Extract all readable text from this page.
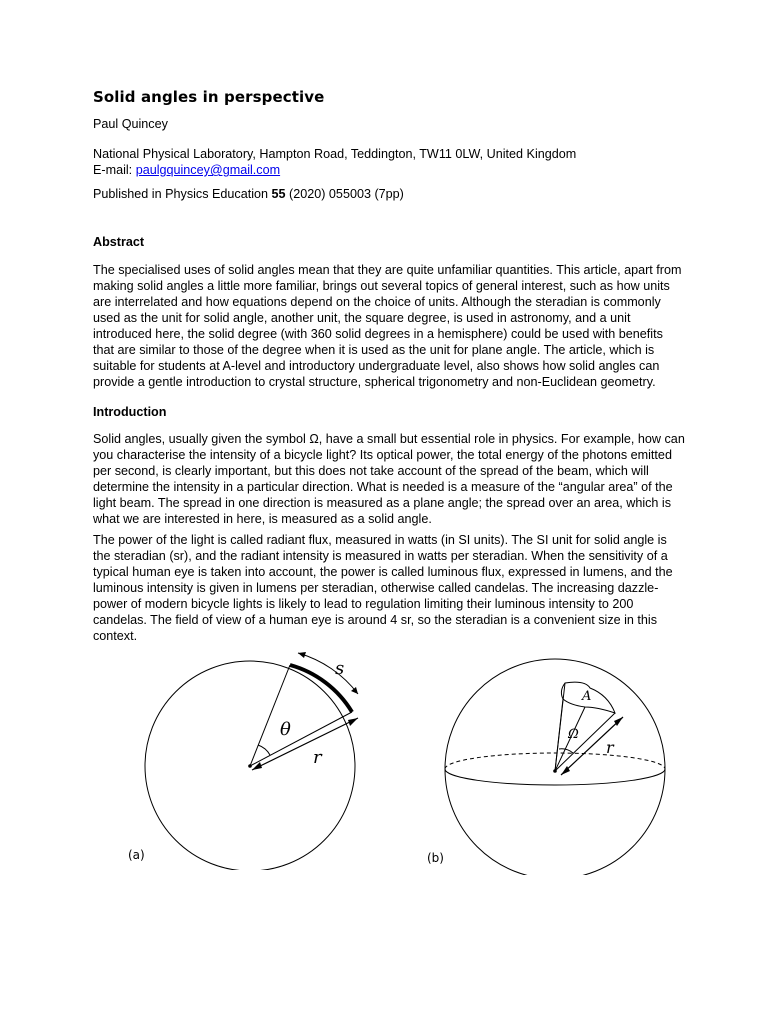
Solid angles in perspective
Paul Quincey
National Physical Laboratory, Hampton Road, Teddington, TW11 0LW, United Kingdom
E-mail: paulgquincey@gmail.com
Published in Physics Education 55 (2020) 055003 (7pp)
Abstract
The specialised uses of solid angles mean that they are quite unfamiliar quantities. This article, apart from making solid angles a little more familiar, brings out several topics of general interest, such as how units are interrelated and how equations depend on the choice of units. Although the steradian is commonly used as the unit for solid angle, another unit, the square degree, is used in astronomy, and a unit introduced here, the solid degree (with 360 solid degrees in a hemisphere) could be used with benefits that are similar to those of the degree when it is used as the unit for plane angle. The article, which is suitable for students at A-level and introductory undergraduate level, also shows how solid angles can provide a gentle introduction to crystal structure, spherical trigonometry and non-Euclidean geometry.
Introduction
Solid angles, usually given the symbol Ω, have a small but essential role in physics. For example, how can you characterise the intensity of a bicycle light? Its optical power, the total energy of the photons emitted per second, is clearly important, but this does not take account of the spread of the beam, which will determine the intensity in a particular direction. What is needed is a measure of the “angular area” of the light beam. The spread in one direction is measured as a plane angle; the spread over an area, which is what we are interested in here, is measured as a solid angle.
The power of the light is called radiant flux, measured in watts (in SI units). The SI unit for solid angle is the steradian (sr), and the radiant intensity is measured in watts per steradian. When the sensitivity of a typical human eye is taken into account, the power is called luminous flux, expressed in lumens, and the luminous intensity is given in lumens per steradian, otherwise called candelas. The increasing dazzle-power of modern bicycle lights is likely to lead to regulation limiting their luminous intensity to 200 candelas. The field of view of a human eye is around 4 sr, so the steradian is a convenient size in this context.
s
θ
r
A
Ω
r
(a)	(b)
